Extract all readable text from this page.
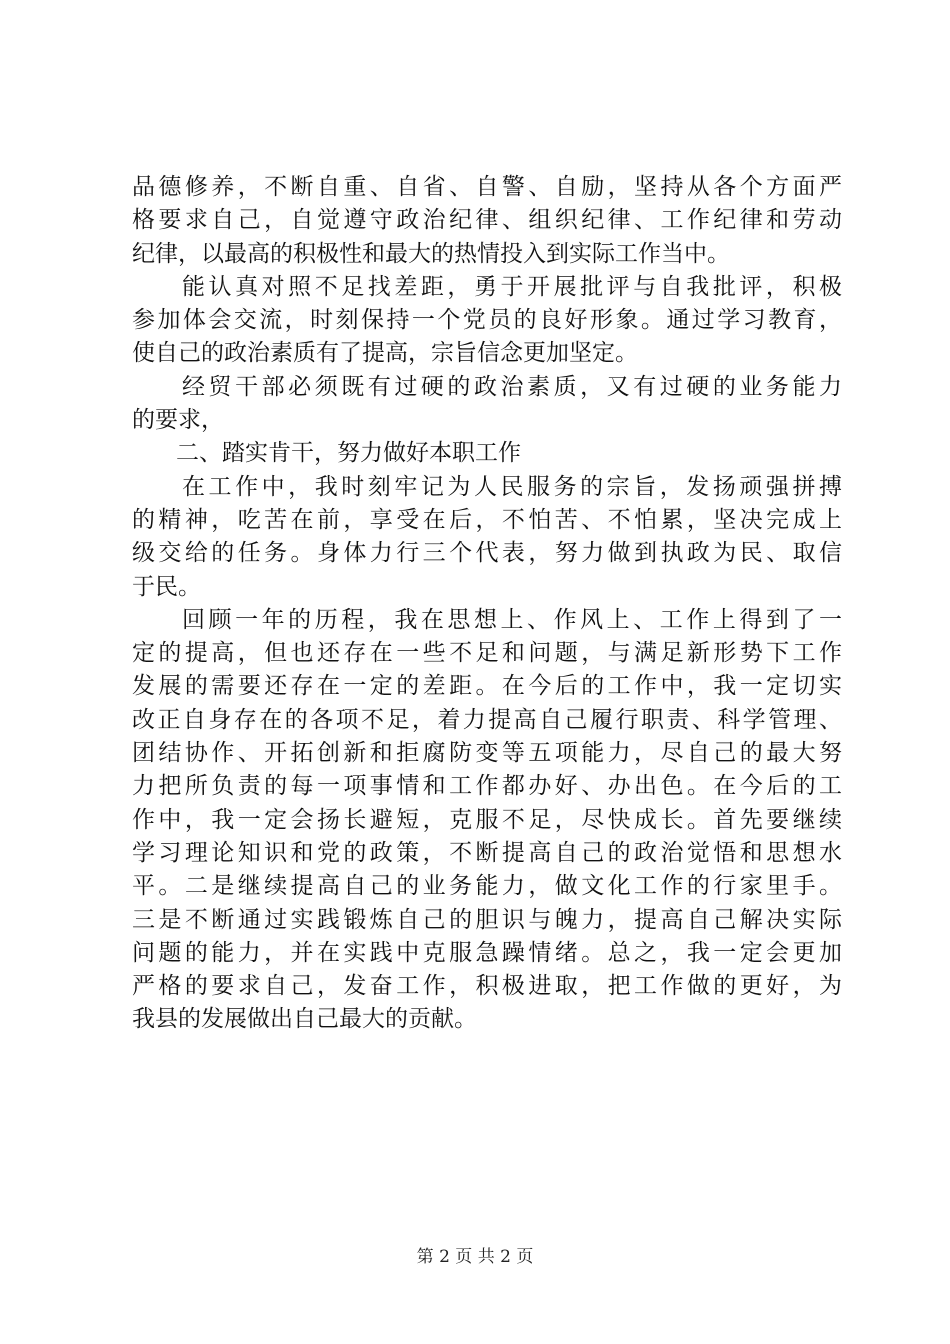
品德修养，不断自重、自省、自警、自励，坚持从各个方面严
格要求自己，自觉遵守政治纪律、组织纪律、工作纪律和劳动
纪律，以最高的积极性和最大的热情投入到实际工作当中。
能认真对照不足找差距，勇于开展批评与自我批评，积极
参加体会交流，时刻保持一个党员的良好形象。通过学习教育，
使自己的政治素质有了提高，宗旨信念更加坚定。
经贸干部必须既有过硬的政治素质，又有过硬的业务能力
的要求，
二、踏实肯干，努力做好本职工作
在工作中，我时刻牢记为人民服务的宗旨，发扬顽强拼搏
的精神，吃苦在前，享受在后，不怕苦、不怕累，坚决完成上
级交给的任务。身体力行三个代表，努力做到执政为民、取信
于民。
回顾一年的历程，我在思想上、作风上、工作上得到了一
定的提高，但也还存在一些不足和问题，与满足新形势下工作
发展的需要还存在一定的差距。在今后的工作中，我一定切实
改正自身存在的各项不足，着力提高自己履行职责、科学管理、
团结协作、开拓创新和拒腐防变等五项能力，尽自己的最大努
力把所负责的每一项事情和工作都办好、办出色。在今后的工
作中，我一定会扬长避短，克服不足，尽快成长。首先要继续
学习理论知识和党的政策，不断提高自己的政治觉悟和思想水
平。二是继续提高自己的业务能力，做文化工作的行家里手。
三是不断通过实践锻炼自己的胆识与魄力，提高自己解决实际
问题的能力，并在实践中克服急躁情绪。总之，我一定会更加
严格的要求自己，发奋工作，积极进取，把工作做的更好，为
我县的发展做出自己最大的贡献。
第 2 页 共 2 页
